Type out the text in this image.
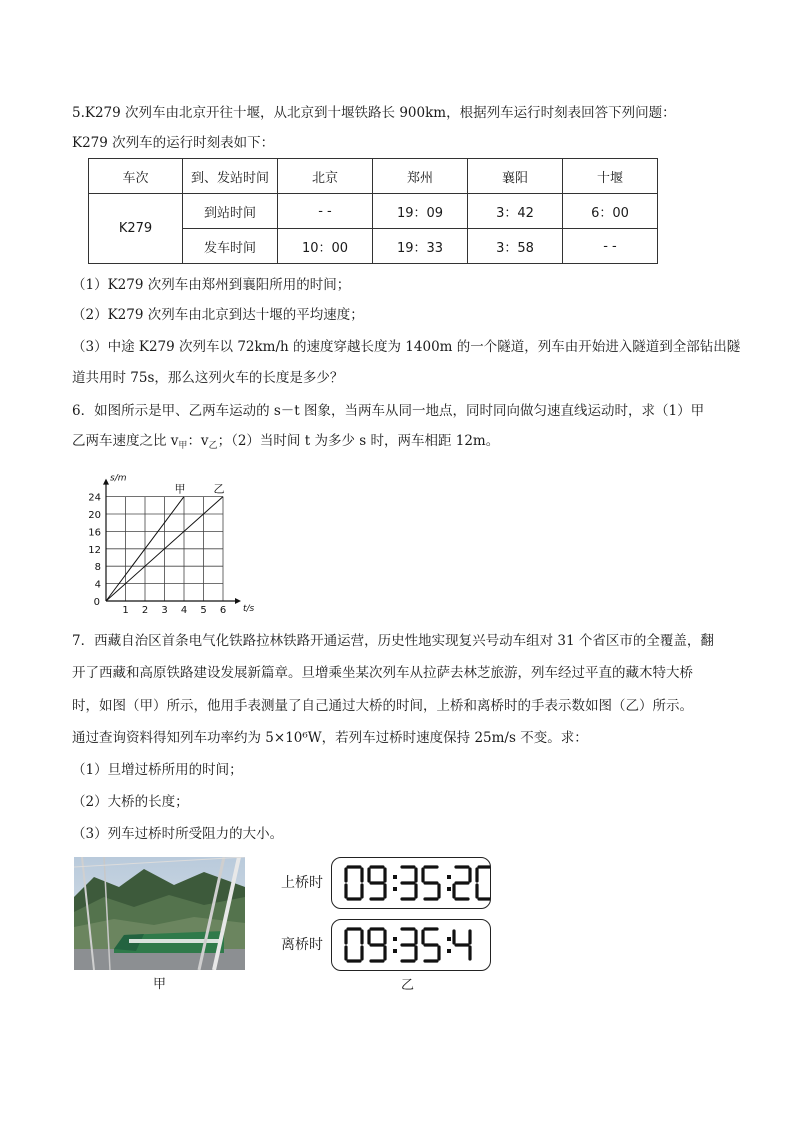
5.K279 次列车由北京开往十堰，从北京到十堰铁路长 900km，根据列车运行时刻表回答下列问题：
K279 次列车的运行时刻表如下：
车次	到、发站时间	北京	郑州	襄阳	十堰
K279	到站时间	- -	19：09	3：42	6：00
	发车时间	10：00	19：33	3：58	- -
（1）K279 次列车由郑州到襄阳所用的时间；
（2）K279 次列车由北京到达十堰的平均速度；
（3）中途 K279 次列车以 72km/h 的速度穿越长度为 1400m 的一个隧道，列车由开始进入隧道到全部钻出隧
道共用时 75s，那么这列火车的长度是多少？
6．如图所示是甲、乙两车运动的 s－t 图象，当两车从同一地点，同时同向做匀速直线运动时，求（1）甲
乙两车速度之比 $v_甲$：$v_乙$；（2）当时间 t 为多少 s 时，两车相距 12m。
甲	乙
1 2 3 4 5 6
4
8
12
16
20
24
0
t/s
s/m
7．西藏自治区首条电气化铁路拉林铁路开通运营，历史性地实现复兴号动车组对 31 个省区市的全覆盖，翻
开了西藏和高原铁路建设发展新篇章。旦增乘坐某次列车从拉萨去林芝旅游，列车经过平直的藏木特大桥
时，如图（甲）所示，他用手表测量了自己通过大桥的时间，上桥和离桥时的手表示数如图（乙）所示。
通过查询资料得知列车功率约为 5×10⁶W，若列车过桥时速度保持 25m/s 不变。求：
（1）旦增过桥所用的时间；
（2）大桥的长度；
（3）列车过桥时所受阻力的大小。
甲
上桥时
离桥时
乙
